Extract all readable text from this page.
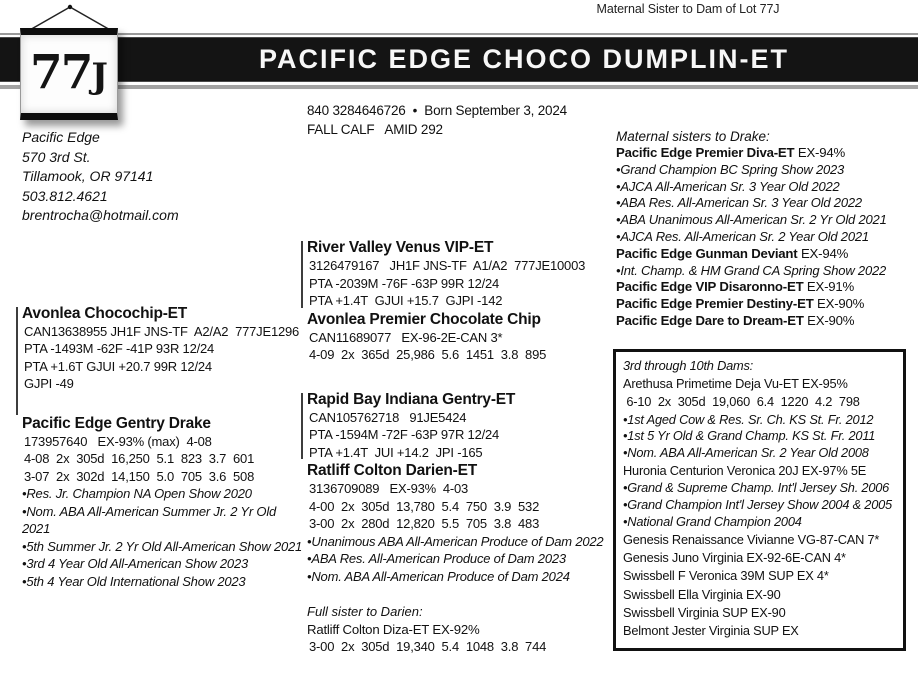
Maternal Sister to Dam of Lot 77J
PACIFIC EDGE CHOCO DUMPLIN-ET
77J
Pacific Edge
570 3rd St.
Tillamook, OR 97141
503.812.4621
brentrocha@hotmail.com
Avonlea Chocochip-ET
CAN13638955 JH1F JNS-TF  A2/A2  777JE1296
PTA -1493M -62F -41P 93R 12/24
PTA +1.6T GJUI +20.7 99R 12/24
GJPI -49
Pacific Edge Gentry Drake
173957640   EX-93% (max)  4-08
4-08  2x  305d  16,250  5.1  823  3.7  601
3-07  2x  302d  14,150  5.0  705  3.6  508
•Res. Jr. Champion NA Open Show 2020
•Nom. ABA All-American Summer Jr. 2 Yr Old 2021
•5th Summer Jr. 2 Yr Old All-American Show 2021
•3rd 4 Year Old All-American Show 2023
•5th 4 Year Old International Show 2023
840 3284646726  •  Born September 3, 2024
FALL CALF   AMID 292
River Valley Venus VIP-ET
3126479167   JH1F JNS-TF  A1/A2  777JE10003
PTA -2039M -76F -63P 99R 12/24
PTA +1.4T  GJUI +15.7  GJPI -142
Avonlea Premier Chocolate Chip
CAN11689077   EX-96-2E-CAN 3*
4-09  2x  365d  25,986  5.6  1451  3.8  895
Rapid Bay Indiana Gentry-ET
CAN105762718   91JE5424
PTA -1594M -72F -63P 97R 12/24
PTA +1.4T  JUI +14.2  JPI -165
Ratliff Colton Darien-ET
3136709089   EX-93%  4-03
4-00  2x  305d  13,780  5.4  750  3.9  532
3-00  2x  280d  12,820  5.5  705  3.8  483
•Unanimous ABA All-American Produce of Dam 2022
•ABA Res. All-American Produce of Dam 2023
•Nom. ABA All-American Produce of Dam 2024
Full sister to Darien:
Ratliff Colton Diza-ET EX-92%
3-00  2x  305d  19,340  5.4  1048  3.8  744
Maternal sisters to Drake:
Pacific Edge Premier Diva-ET EX-94%
•Grand Champion BC Spring Show 2023
•AJCA All-American Sr. 3 Year Old 2022
•ABA Res. All-American Sr. 3 Year Old 2022
•ABA Unanimous All-American Sr. 2 Yr Old 2021
•AJCA Res. All-American Sr. 2 Year Old 2021
Pacific Edge Gunman Deviant EX-94%
•Int. Champ. & HM Grand CA Spring Show 2022
Pacific Edge VIP Disaronno-ET EX-91%
Pacific Edge Premier Destiny-ET EX-90%
Pacific Edge Dare to Dream-ET EX-90%
3rd through 10th Dams:
Arethusa Primetime Deja Vu-ET EX-95%
6-10  2x  305d  19,060  6.4  1220  4.2  798
•1st Aged Cow & Res. Sr. Ch. KS St. Fr. 2012
•1st 5 Yr Old & Grand Champ. KS St. Fr. 2011
•Nom. ABA All-American Sr. 2 Year Old 2008
Huronia Centurion Veronica 20J EX-97% 5E
•Grand & Supreme Champ. Int'l Jersey Sh. 2006
•Grand Champion Int'l Jersey Show 2004 & 2005
•National Grand Champion 2004
Genesis Renaissance Vivianne VG-87-CAN 7*
Genesis Juno Virginia EX-92-6E-CAN 4*
Swissbell F Veronica 39M SUP EX 4*
Swissbell Ella Virginia EX-90
Swissbell Virginia SUP EX-90
Belmont Jester Virginia SUP EX
